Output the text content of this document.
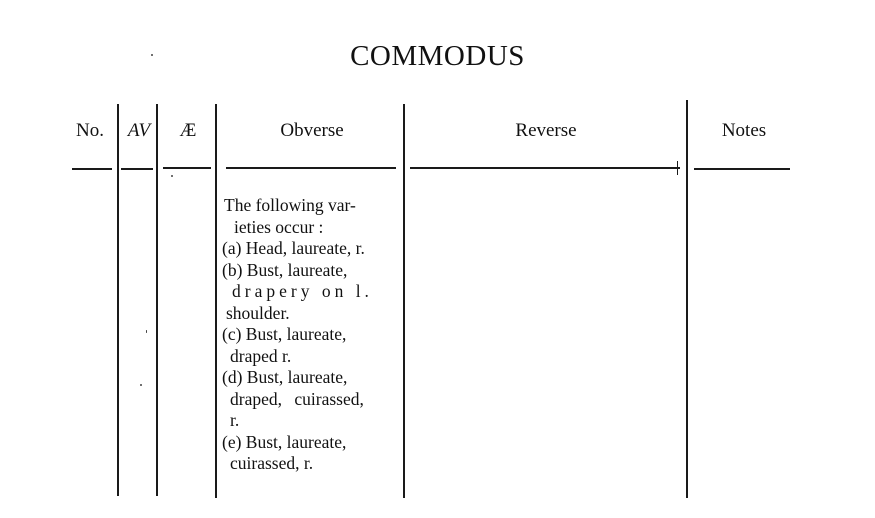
COMMODUS
No.	AV	Æ	Obverse	Reverse	Notes
The following var-
ieties occur :
(a) Head, laureate, r.
(b) Bust, laureate,
drapery on l.
shoulder.
(c) Bust, laureate,
draped r.
(d) Bust, laureate,
draped, cuirassed,
r.
(e) Bust, laureate,
cuirassed, r.
